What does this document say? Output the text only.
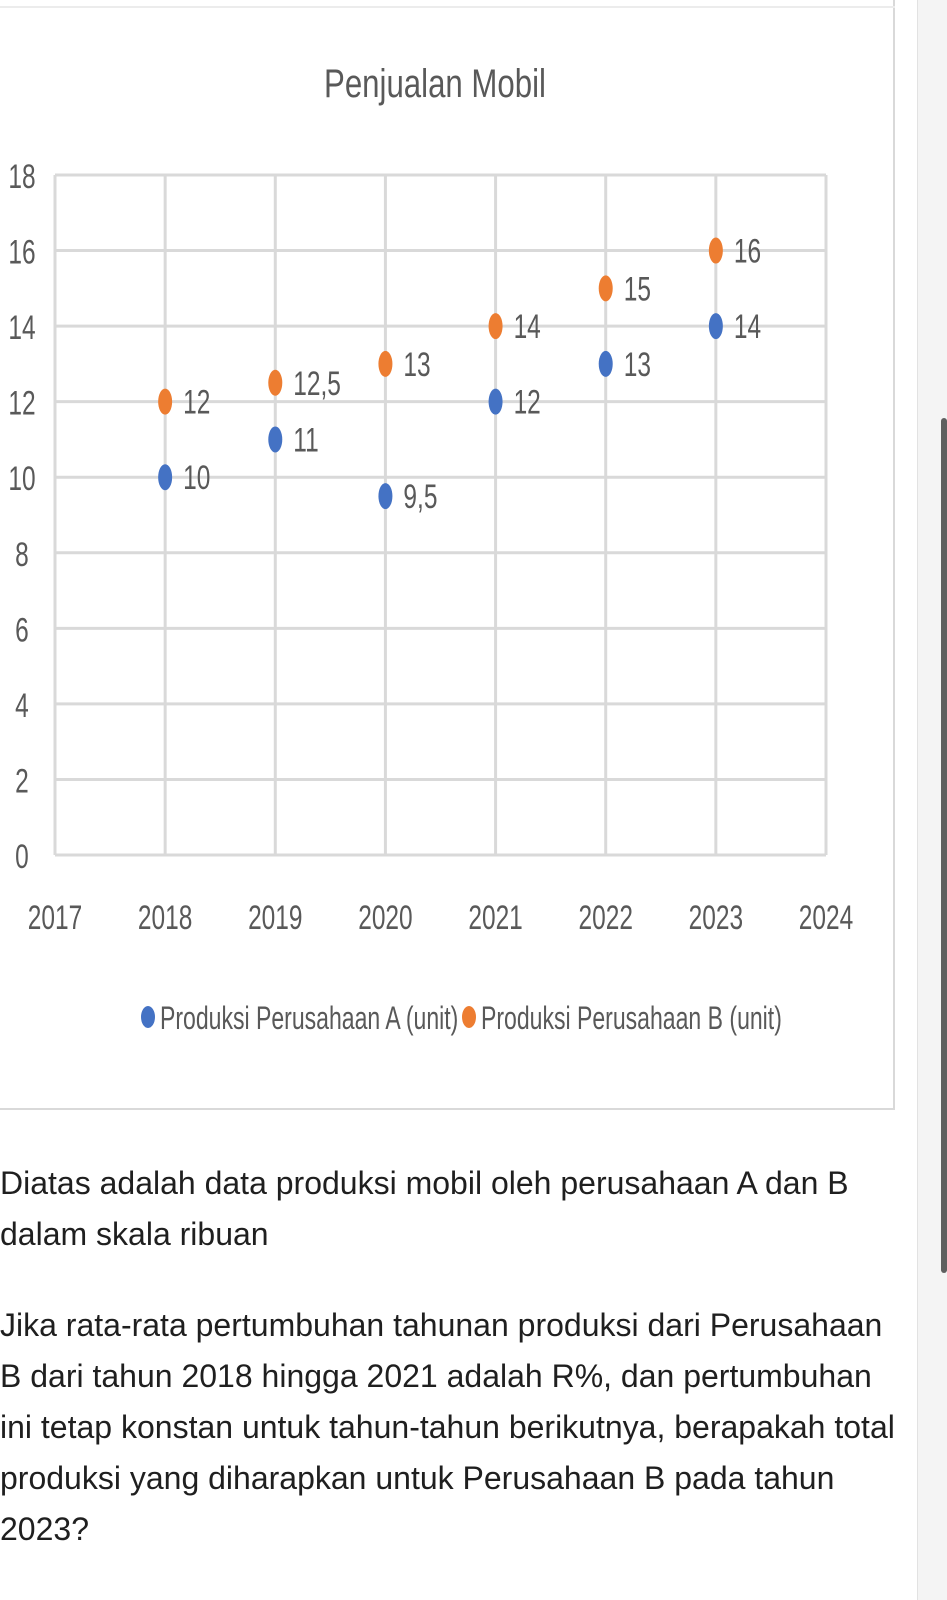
Penjualan Mobil
0
2
4
6
8
10
12
14
16
18
2017 2018 2019 2020 2021 2022 2023 2024
10
11
9,5
12
13
14
12 12,5 13
14
15
16
Produksi Perusahaan A (unit) Produksi Perusahaan B (unit)

Diatas adalah data produksi mobil oleh perusahaan A dan B dalam skala ribuan

Jika rata-rata pertumbuhan tahunan produksi dari Perusahaan B dari tahun 2018 hingga 2021 adalah R%, dan pertumbuhan ini tetap konstan untuk tahun-tahun berikutnya, berapakah total produksi yang diharapkan untuk Perusahaan B pada tahun 2023?
